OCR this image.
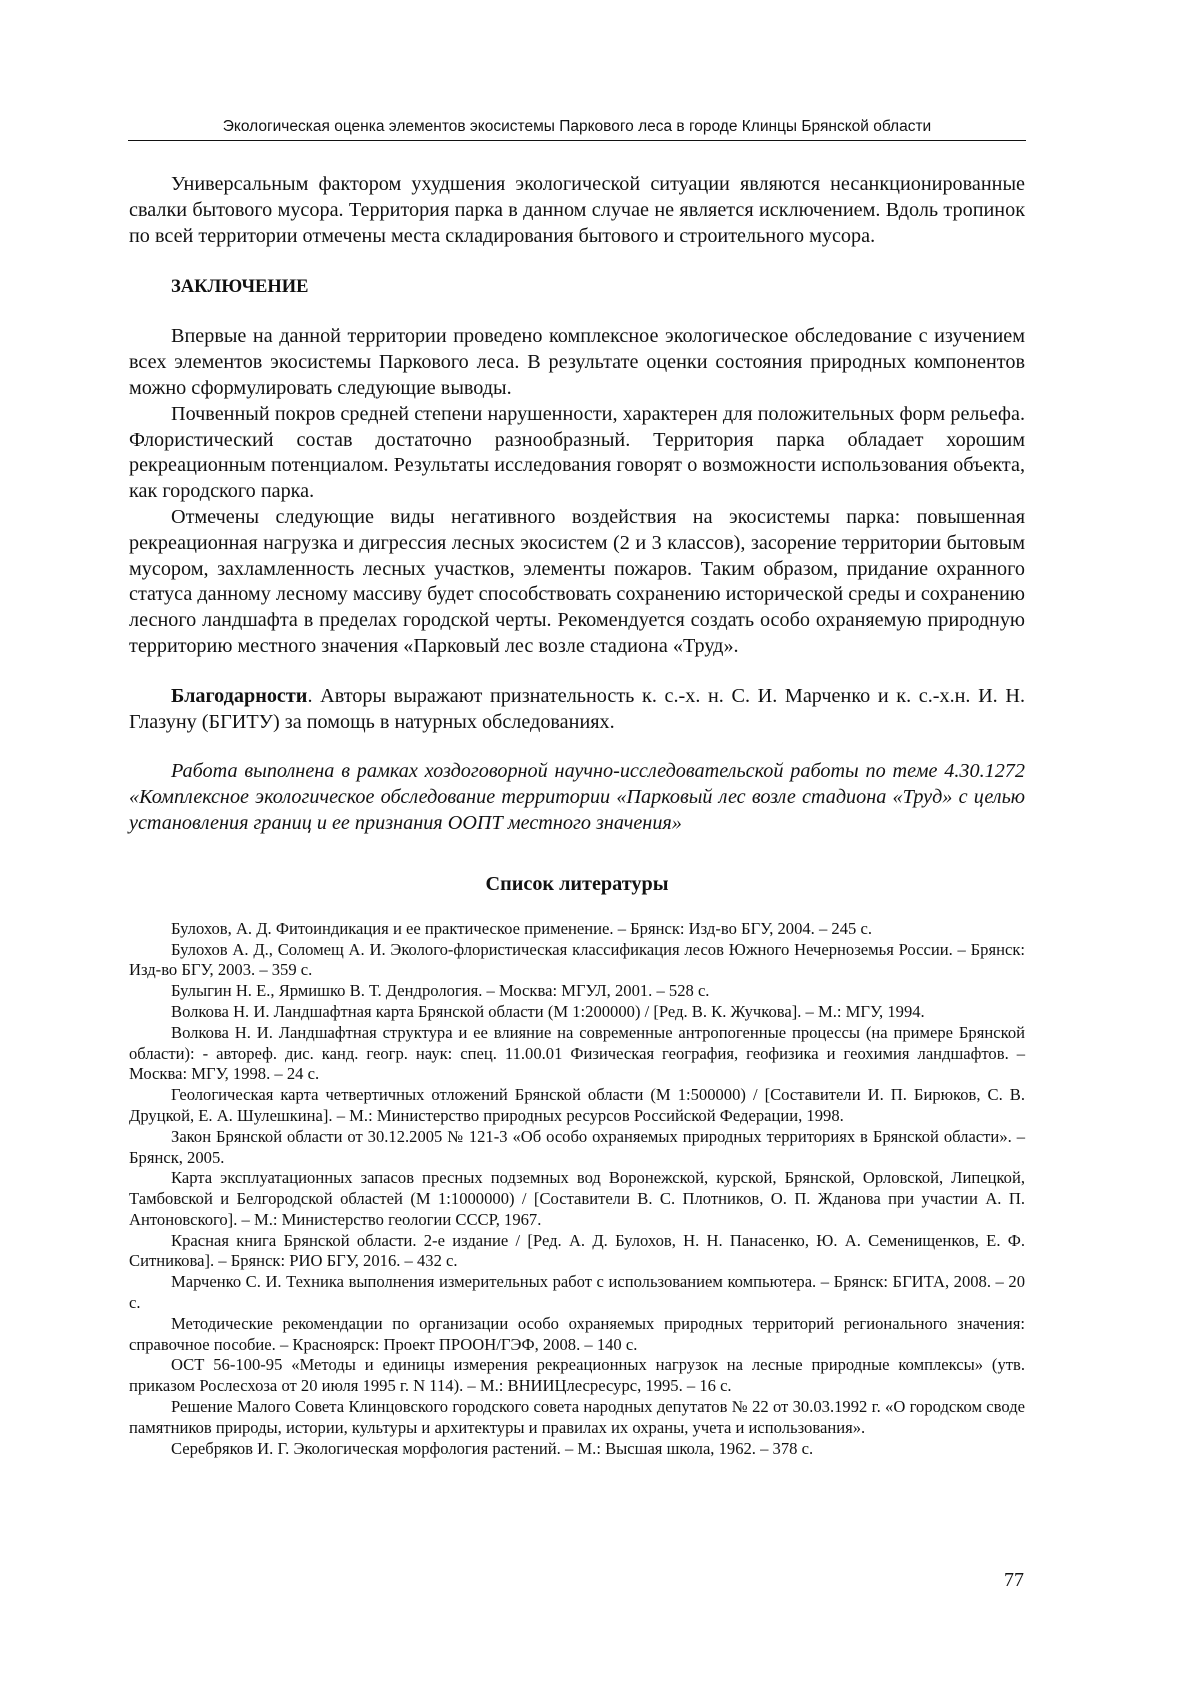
Экологическая оценка элементов экосистемы Паркового леса в городе Клинцы Брянской области

Универсальным фактором ухудшения экологической ситуации являются несанкционированные свалки бытового мусора. Территория парка в данном случае не является исключением. Вдоль тропинок по всей территории отмечены места складирования бытового и строительного мусора.

ЗАКЛЮЧЕНИЕ

Впервые на данной территории проведено комплексное экологическое обследование с изучением всех элементов экосистемы Паркового леса. В результате оценки состояния природных компонентов можно сформулировать следующие выводы.

Почвенный покров средней степени нарушенности, характерен для положительных форм рельефа. Флористический состав достаточно разнообразный. Территория парка обладает хорошим рекреационным потенциалом. Результаты исследования говорят о возможности использования объекта, как городского парка.

Отмечены следующие виды негативного воздействия на экосистемы парка: повышенная рекреационная нагрузка и дигрессия лесных экосистем (2 и 3 классов), засорение территории бытовым мусором, захламленность лесных участков, элементы пожаров. Таким образом, придание охранного статуса данному лесному массиву будет способствовать сохранению исторической среды и сохранению лесного ландшафта в пределах городской черты. Рекомендуется создать особо охраняемую природную территорию местного значения «Парковый лес возле стадиона «Труд».

Благодарности. Авторы выражают признательность к. с.-х. н. С. И. Марченко и к. с.-х.н. И. Н. Глазуну (БГИТУ) за помощь в натурных обследованиях.

Работа выполнена в рамках хоздоговорной научно-исследовательской работы по теме 4.30.1272 «Комплексное экологическое обследование территории «Парковый лес возле стадиона «Труд» с целью установления границ и ее признания ООПТ местного значения»

Список литературы

Булохов, А. Д. Фитоиндикация и ее практическое применение. – Брянск: Изд-во БГУ, 2004. – 245 с.

Булохов А. Д., Соломещ А. И. Эколого-флористическая классификация лесов Южного Нечерноземья России. – Брянск: Изд-во БГУ, 2003. – 359 с.

Булыгин Н. Е., Ярмишко В. Т. Дендрология. – Москва: МГУЛ, 2001. – 528 с.

Волкова Н. И. Ландшафтная карта Брянской области (М 1:200000) / [Ред. В. К. Жучкова]. – М.: МГУ, 1994.

Волкова Н. И. Ландшафтная структура и ее влияние на современные антропогенные процессы (на примере Брянской области): - автореф. дис. канд. геогр. наук: спец. 11.00.01 Физическая география, геофизика и геохимия ландшафтов. – Москва: МГУ, 1998. – 24 с.

Геологическая карта четвертичных отложений Брянской области (М 1:500000) / [Составители И. П. Бирюков, С. В. Друцкой, Е. А. Шулешкина]. – М.: Министерство природных ресурсов Российской Федерации, 1998.

Закон Брянской области от 30.12.2005 № 121-3 «Об особо охраняемых природных территориях в Брянской области». – Брянск, 2005.

Карта эксплуатационных запасов пресных подземных вод Воронежской, курской, Брянской, Орловской, Липецкой, Тамбовской и Белгородской областей (М 1:1000000) / [Составители В. С. Плотников, О. П. Жданова при участии А. П. Антоновского]. – М.: Министерство геологии СССР, 1967.

Красная книга Брянской области. 2-е издание / [Ред. А. Д. Булохов, Н. Н. Панасенко, Ю. А. Семенищенков, Е. Ф. Ситникова]. – Брянск: РИО БГУ, 2016. – 432 с.

Марченко С. И. Техника выполнения измерительных работ с использованием компьютера. – Брянск: БГИТА, 2008. – 20 с.

Методические рекомендации по организации особо охраняемых природных территорий регионального значения: справочное пособие. – Красноярск: Проект ПРООН/ГЭФ, 2008. – 140 с.

ОСТ 56-100-95 «Методы и единицы измерения рекреационных нагрузок на лесные природные комплексы» (утв. приказом Рослесхоза от 20 июля 1995 г. N 114). – М.: ВНИИЦлесресурс, 1995. – 16 с.

Решение Малого Совета Клинцовского городского совета народных депутатов № 22 от 30.03.1992 г. «О городском своде памятников природы, истории, культуры и архитектуры и правилах их охраны, учета и использования».

Серебряков И. Г. Экологическая морфология растений. – М.: Высшая школа, 1962. – 378 с.

77
